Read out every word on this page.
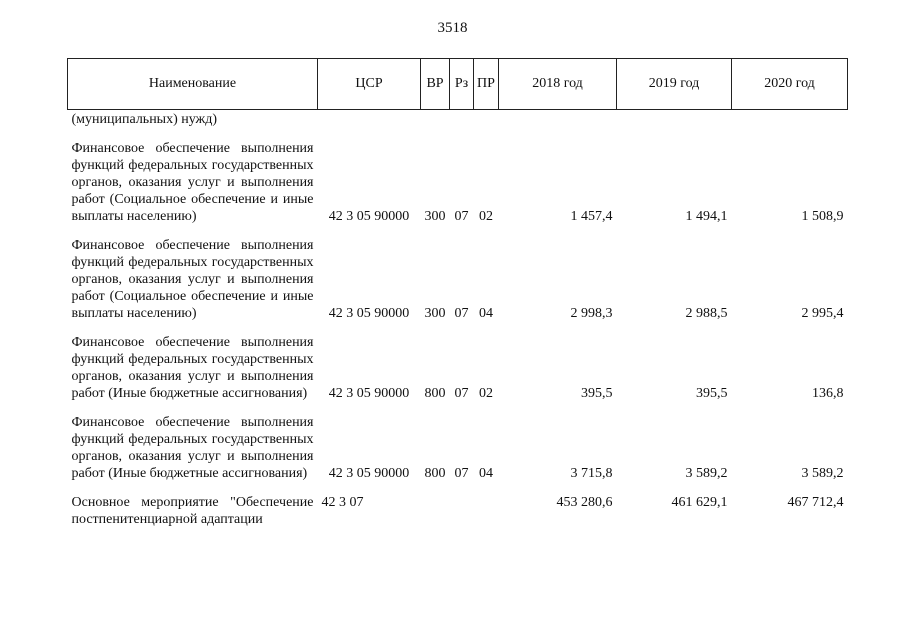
3518
Наименование	ЦСР	ВР	Рз	ПР	2018 год	2019 год	2020 год
(муниципальных) нужд)							

Финансовое обеспечение выполнения функций федеральных государственных органов, оказания услуг и выполнения работ (Социальное обеспечение и иные выплаты населению)	42 3 05 90000	300	07	02	1 457,4	1 494,1	1 508,9

Финансовое обеспечение выполнения функций федеральных государственных органов, оказания услуг и выполнения работ (Социальное обеспечение и иные выплаты населению)	42 3 05 90000	300	07	04	2 998,3	2 988,5	2 995,4

Финансовое обеспечение выполнения функций федеральных государственных органов, оказания услуг и выполнения работ (Иные бюджетные ассигнования)	42 3 05 90000	800	07	02	395,5	395,5	136,8

Финансовое обеспечение выполнения функций федеральных государственных органов, оказания услуг и выполнения работ (Иные бюджетные ассигнования)	42 3 05 90000	800	07	04	3 715,8	3 589,2	3 589,2

Основное мероприятие "Обеспечение постпенитенциарной адаптации	42 3 07				453 280,6	461 629,1	467 712,4
